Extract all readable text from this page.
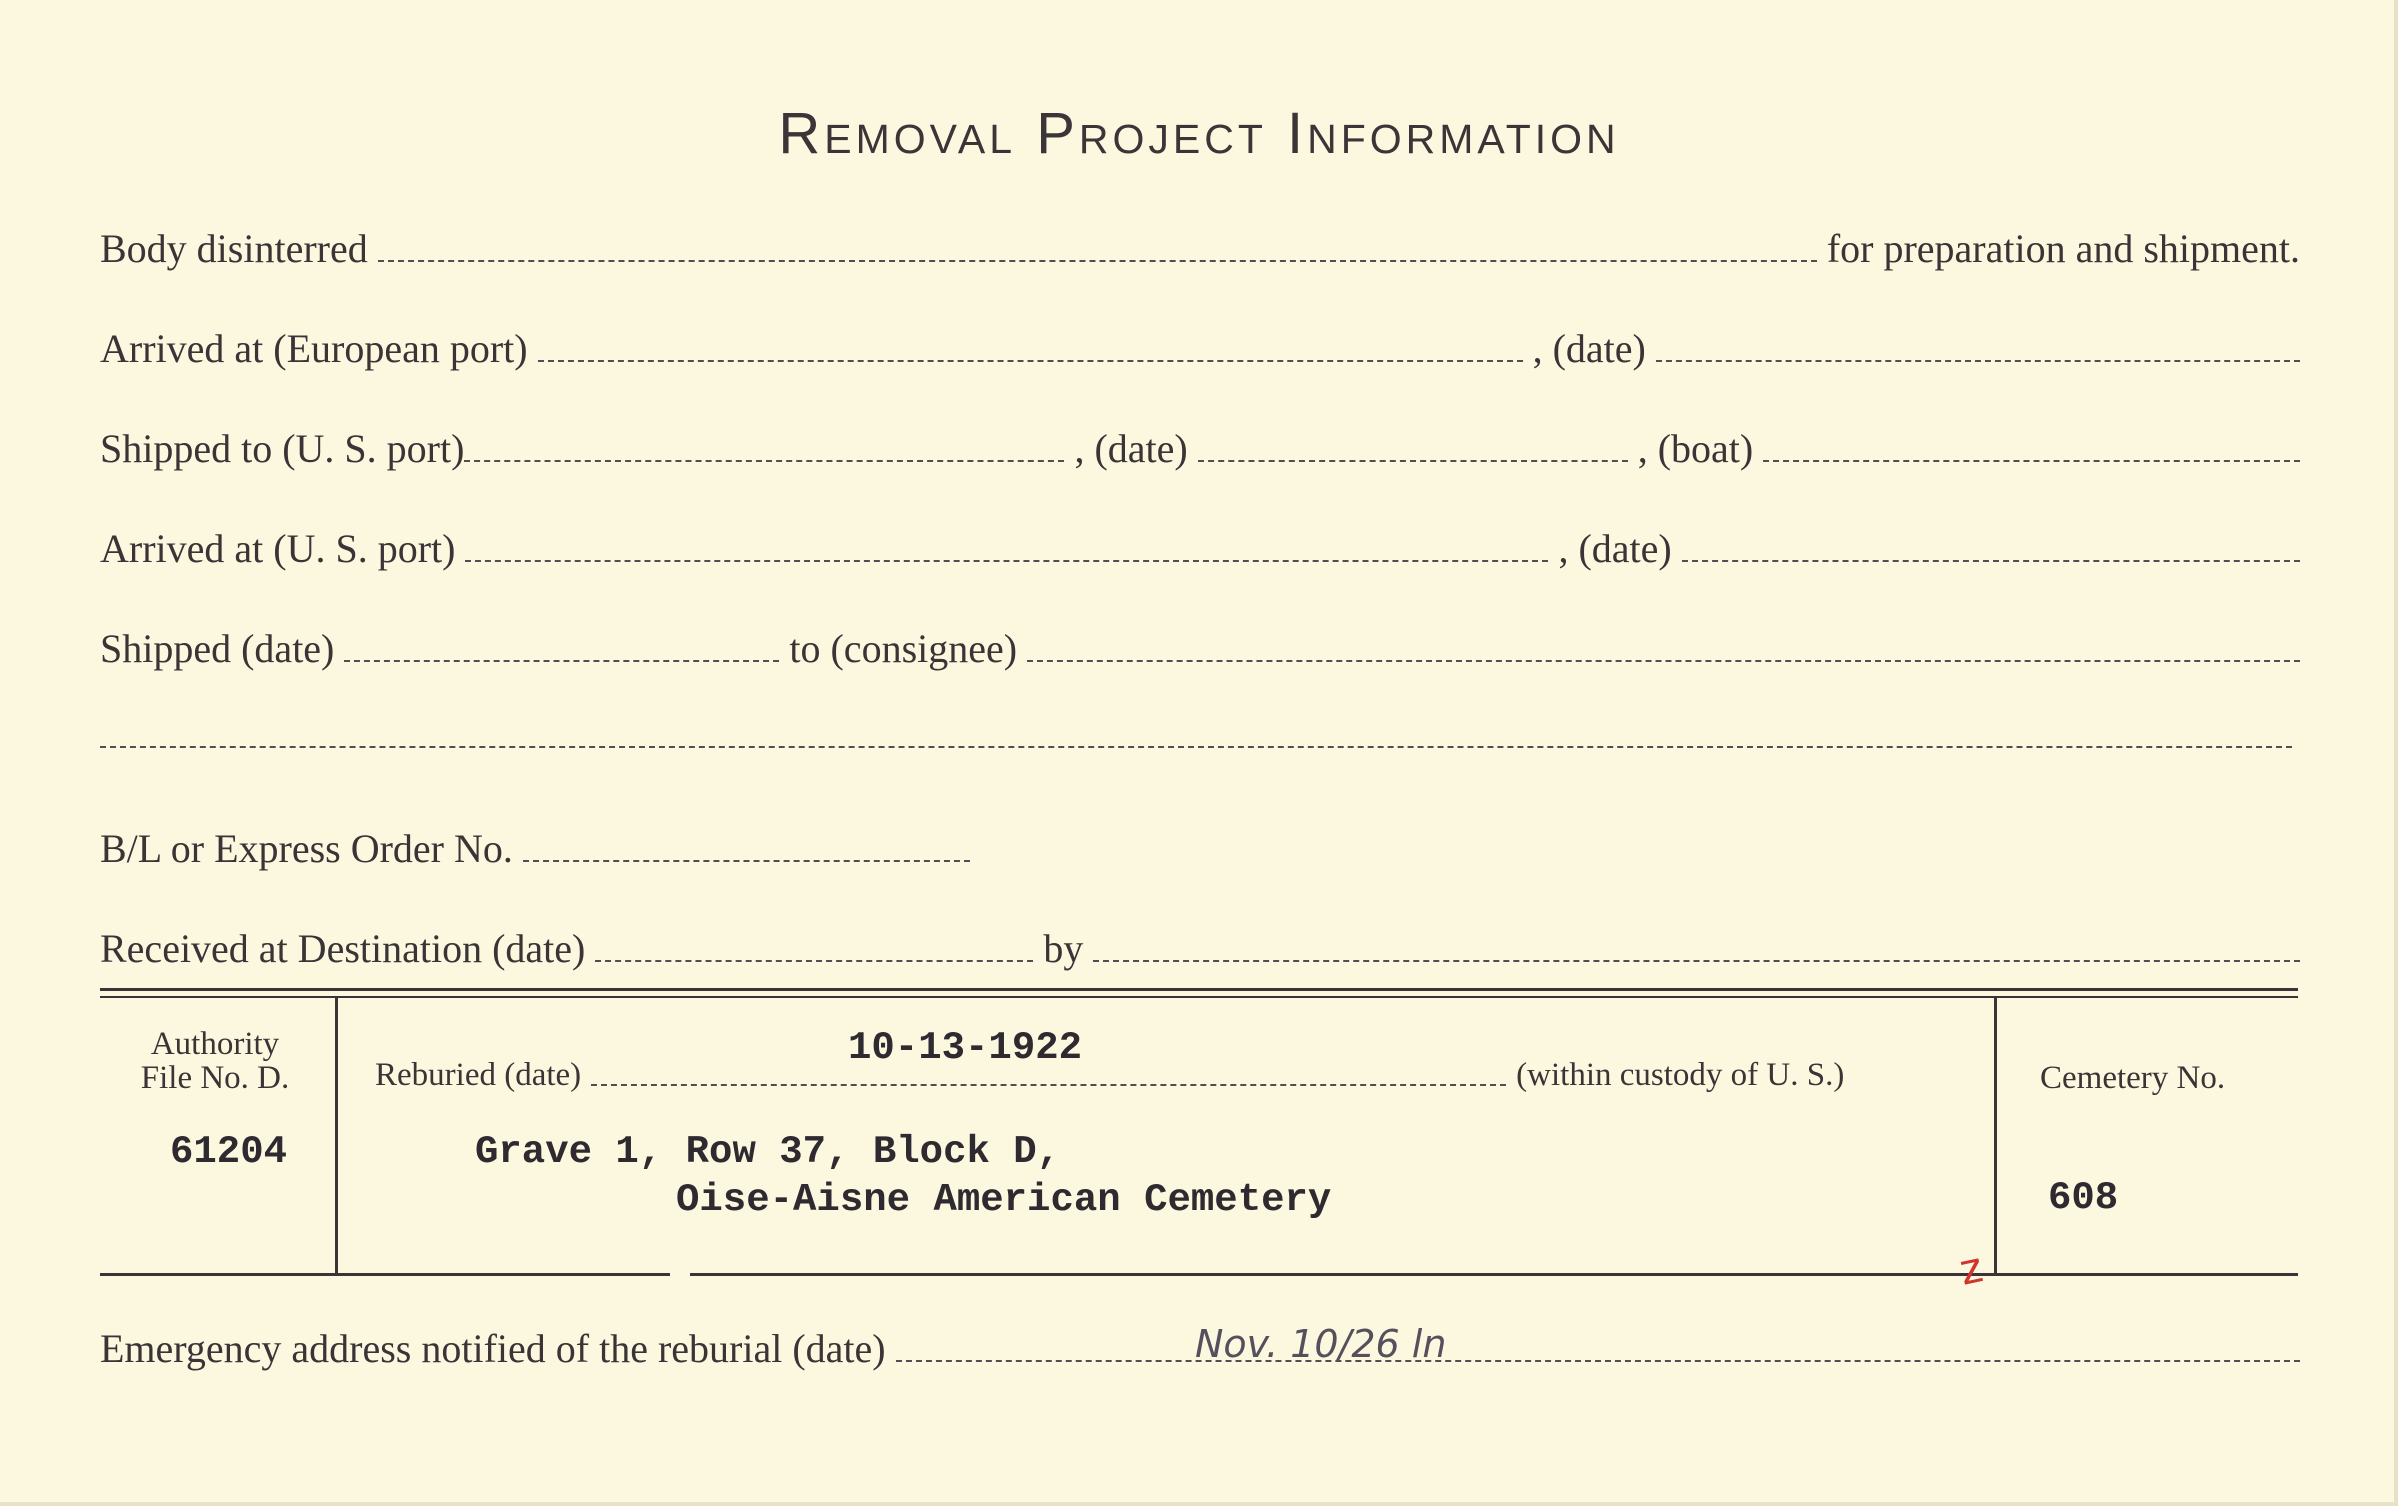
Removal Project Information
Body disinterred	for preparation and shipment.
Arrived at (European port)	, (date)
Shipped to (U. S. port)	, (date)	, (boat)
Arrived at (U. S. port)	, (date)
Shipped (date)	to (consignee)
B/L or Express Order No.
Received at Destination (date)	by
Authority
File No. D.
61204
Reburied (date)	(within custody of U. S.)
10-13-1922
Grave 1, Row 37, Block D,
Oise-Aisne American Cemetery
Cemetery No.
608
z
Emergency address notified of the reburial (date)	Nov. 10/26 ln
